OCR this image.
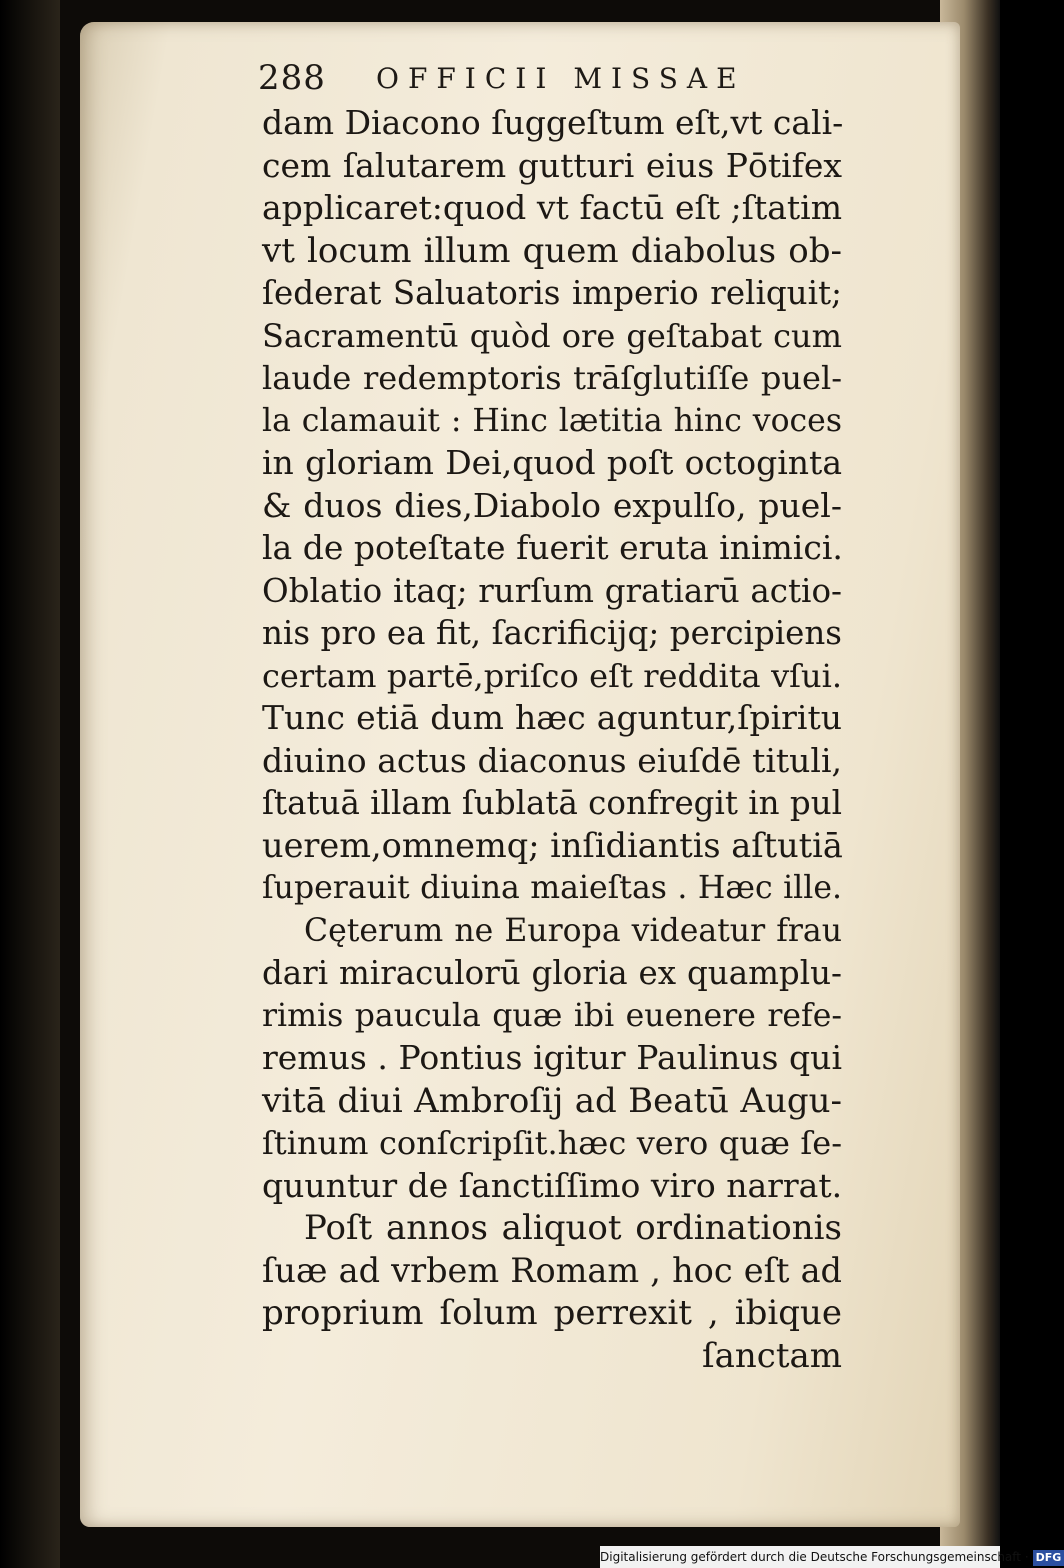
288 OFFICII MISSAE
dam Diacono ſuggeſtum eſt,vt cali-
cem ſalutarem gutturi eius Pōtifex
applicaret:quod vt factū eſt ;ſtatim
vt locum illum quem diabolus ob-
ſederat Saluatoris imperio reliquit;
Sacramentū quòd ore geſtabat cum
laude redemptoris trāſglutiſſe puel-
la clamauit : Hinc lætitia hinc voces
in gloriam Dei,quod poſt octoginta
& duos dies,Diabolo expulſo, puel-
la de poteſtate fuerit eruta inimici.
Oblatio itaq; rurſum gratiarū actio-
nis pro ea fit, ſacrificijq; percipiens
certam partē,priſco eſt reddita vſui.
Tunc etiā dum hæc aguntur,ſpiritu
diuino actus diaconus eiuſdē tituli,
ſtatuā illam ſublatā confregit in pul
uerem,omnemq; inſidiantis aſtutiā
ſuperauit diuina maieſtas . Hæc ille.
Cęterum ne Europa videatur frau
dari miraculorū gloria ex quamplu-
rimis paucula quæ ibi euenere refe-
remus . Pontius igitur Paulinus qui
vitā diui Ambroſij ad Beatū Augu-
ſtinum conſcripſit.hæc vero quæ ſe-
quuntur de ſanctiſſimo viro narrat.
Poſt annos aliquot ordinationis
ſuæ ad vrbem Romam , hoc eſt ad
proprium ſolum perrexit , ibique
ſanctam
Digitalisierung gefördert durch die Deutsche Forschungsgemeinschaft · DFG
